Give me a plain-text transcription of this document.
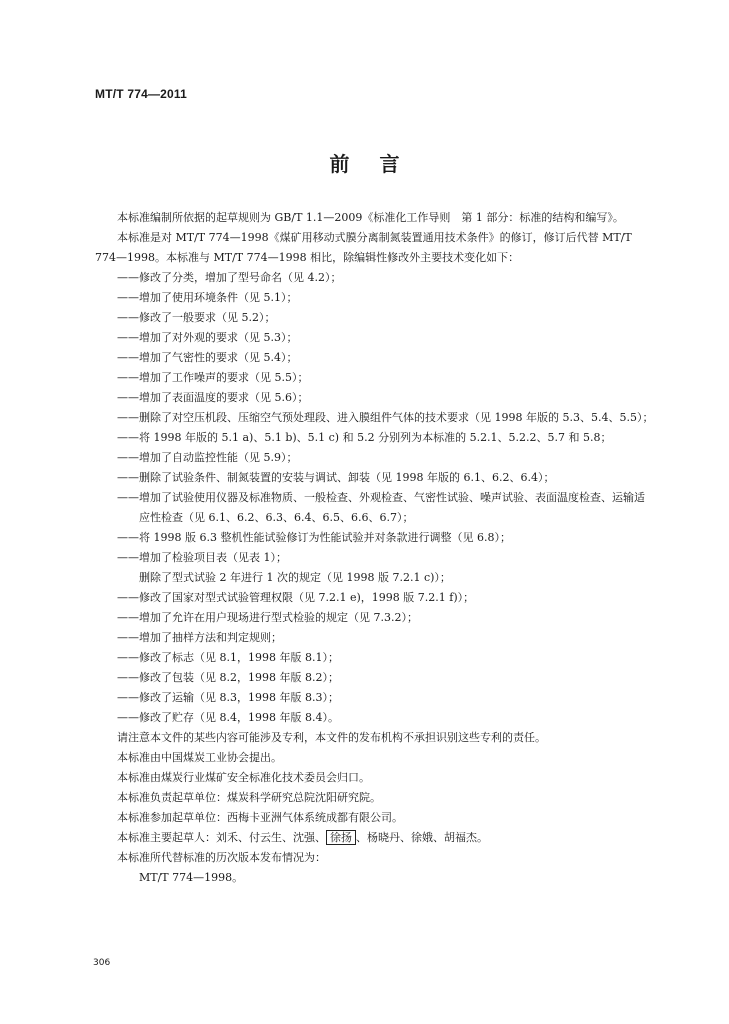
MT/T 774—2011
前言

本标准编制所依据的起草规则为 GB/T 1.1—2009《标准化工作导则　第 1 部分：标准的结构和编写》。

本标准是对 MT/T 774—1998《煤矿用移动式膜分离制氮装置通用技术条件》的修订，修订后代替 MT/T 774—1998。本标准与 MT/T 774—1998 相比，除编辑性修改外主要技术变化如下：

—— 修改了分类，增加了型号命名（见 4.2）；
—— 增加了使用环境条件（见 5.1）；
—— 修改了一般要求（见 5.2）；
—— 增加了对外观的要求（见 5.3）；
—— 增加了气密性的要求（见 5.4）；
—— 增加了工作噪声的要求（见 5.5）；
—— 增加了表面温度的要求（见 5.6）；
—— 删除了对空压机段、压缩空气预处理段、进入膜组件气体的技术要求（见 1998 年版的 5.3、5.4、5.5）；
—— 将 1998 年版的 5.1 a)、5.1 b)、5.1 c) 和 5.2 分别列为本标准的 5.2.1、5.2.2、5.7 和 5.8；
—— 增加了自动监控性能（见 5.9）；
—— 删除了试验条件、制氮装置的安装与调试、卸装（见 1998 年版的 6.1、6.2、6.4）；
—— 增加了试验使用仪器及标准物质、一般检查、外观检查、气密性试验、噪声试验、表面温度检查、运输适应性检查（见 6.1、6.2、6.3、6.4、6.5、6.6、6.7）；
—— 将 1998 版 6.3 整机性能试验修订为性能试验并对条款进行调整（见 6.8）；
—— 增加了检验项目表（见表 1）；

删除了型式试验 2 年进行 1 次的规定（见 1998 版 7.2.1 c)）；

—— 修改了国家对型式试验管理权限（见 7.2.1 e)，1998 版 7.2.1 f)）；
—— 增加了允许在用户现场进行型式检验的规定（见 7.3.2）；
—— 增加了抽样方法和判定规则；
—— 修改了标志（见 8.1，1998 年版 8.1）；
—— 修改了包装（见 8.2，1998 年版 8.2）；
—— 修改了运输（见 8.3，1998 年版 8.3）；
—— 修改了贮存（见 8.4，1998 年版 8.4）。

请注意本文件的某些内容可能涉及专利，本文件的发布机构不承担识别这些专利的责任。

本标准由中国煤炭工业协会提出。

本标准由煤炭行业煤矿安全标准化技术委员会归口。

本标准负责起草单位：煤炭科学研究总院沈阳研究院。

本标准参加起草单位：西梅卡亚洲气体系统成都有限公司。

本标准主要起草人：刘禾、付云生、沈强、 徐扬 、杨晓丹、徐娥、胡福杰。

本标准所代替标准的历次版本发布情况为：

MT/T 774—1998。

306
